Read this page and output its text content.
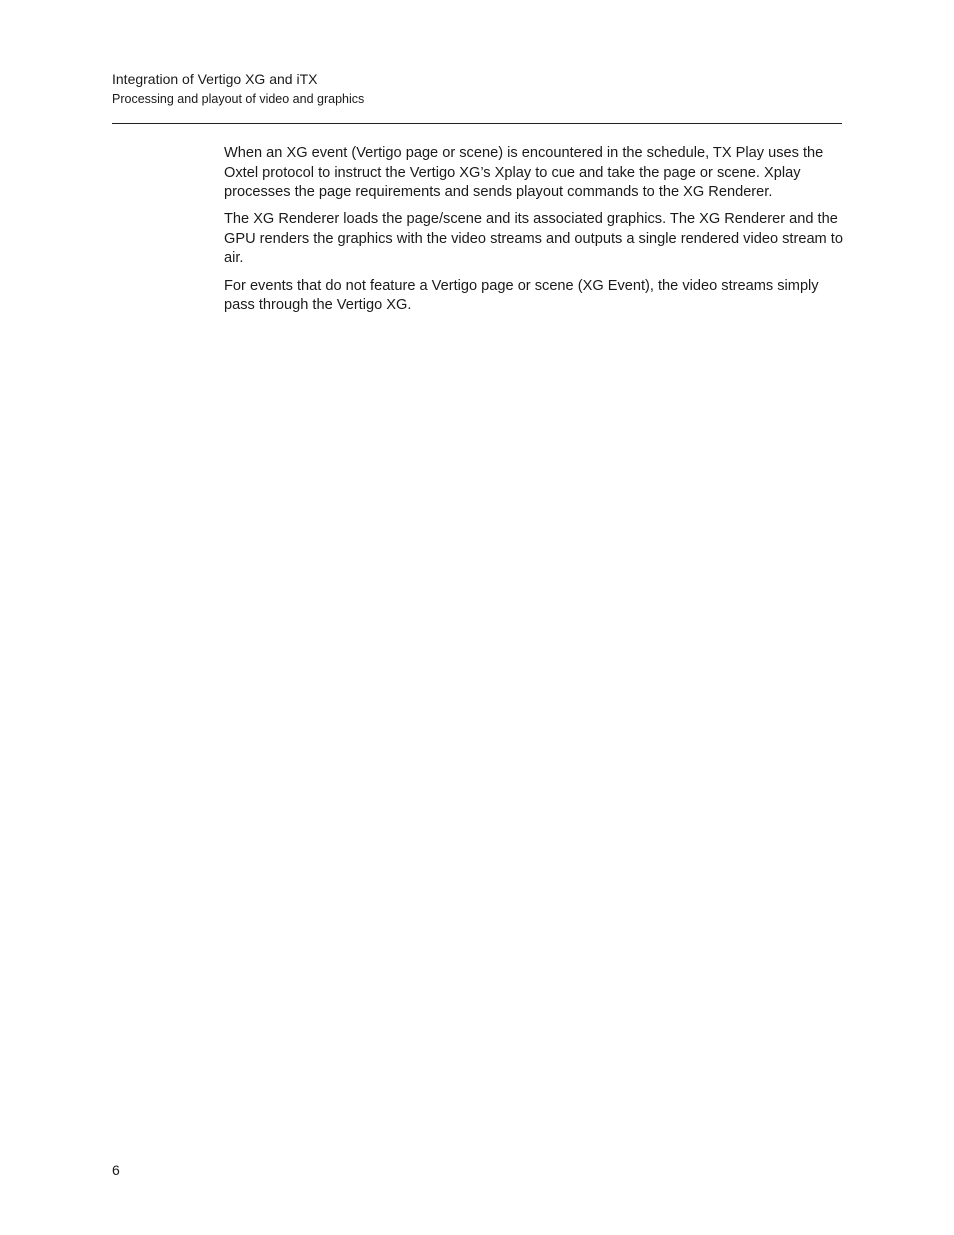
Integration of Vertigo XG and iTX

Processing and playout of video and graphics

When an XG event (Vertigo page or scene) is encountered in the schedule, TX Play uses the Oxtel protocol to instruct the Vertigo XG’s Xplay to cue and take the page or scene. Xplay processes the page requirements and sends playout commands to the XG Renderer.

The XG Renderer loads the page/scene and its associated graphics. The XG Renderer and the GPU renders the graphics with the video streams and outputs a single rendered video stream to air.

For events that do not feature a Vertigo page or scene (XG Event), the video streams simply pass through the Vertigo XG.

6
